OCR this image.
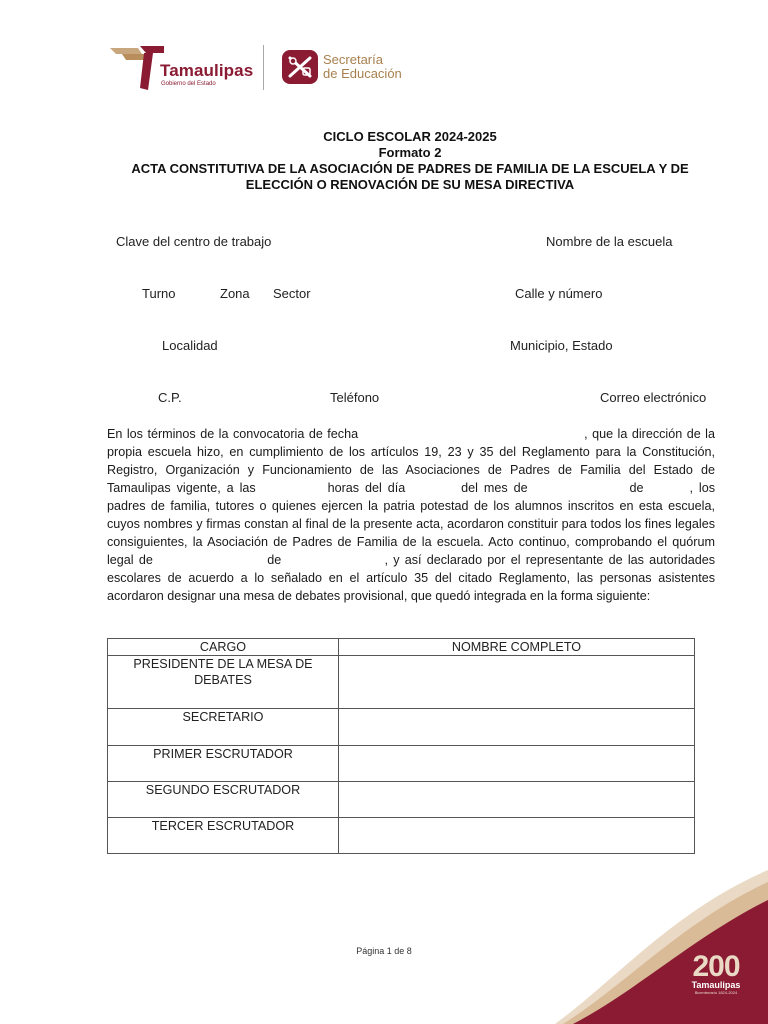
Tamaulipas
Gobierno del Estado
Secretaría
de Educación
CICLO ESCOLAR 2024-2025
Formato 2
ACTA CONSTITUTIVA DE LA ASOCIACIÓN DE PADRES DE FAMILIA DE LA ESCUELA Y DE
ELECCIÓN O RENOVACIÓN DE SU MESA DIRECTIVA
Clave del centro de trabajo	Nombre de la escuela
Turno	Zona Sector	Calle y número
Localidad	Municipio, Estado
C.P.	Teléfono	Correo electrónico
En los términos de la convocatoria de fecha	, que la dirección de la propia escuela hizo, en cumplimiento de los artículos 19, 23 y 35 del Reglamento para la Constitución, Registro, Organización y Funcionamiento de las Asociaciones de Padres de Familia del Estado de Tamaulipas vigente, a las	horas del día	del mes de	de	, los padres de familia, tutores o quienes ejercen la patria potestad de los alumnos inscritos en esta escuela, cuyos nombres y firmas constan al final de la presente acta, acordaron constituir para todos los fines legales consiguientes, la Asociación de Padres de Familia de la escuela. Acto continuo, comprobando el quórum legal de	de	, y así declarado por el representante de las autoridades escolares de acuerdo a lo señalado en el artículo 35 del citado Reglamento, las personas asistentes acordaron designar una mesa de debates provisional, que quedó integrada en la forma siguiente:
CARGO	NOMBRE COMPLETO

PRESIDENTE DE LA MESA DE
DEBATES	

SECRETARIO	
PRIMER ESCRUTADOR	
SEGUNDO ESCRUTADOR	
TERCER ESCRUTADOR	
Página 1 de 8	200
Tamaulipas
Bicentenario 1824-2024
